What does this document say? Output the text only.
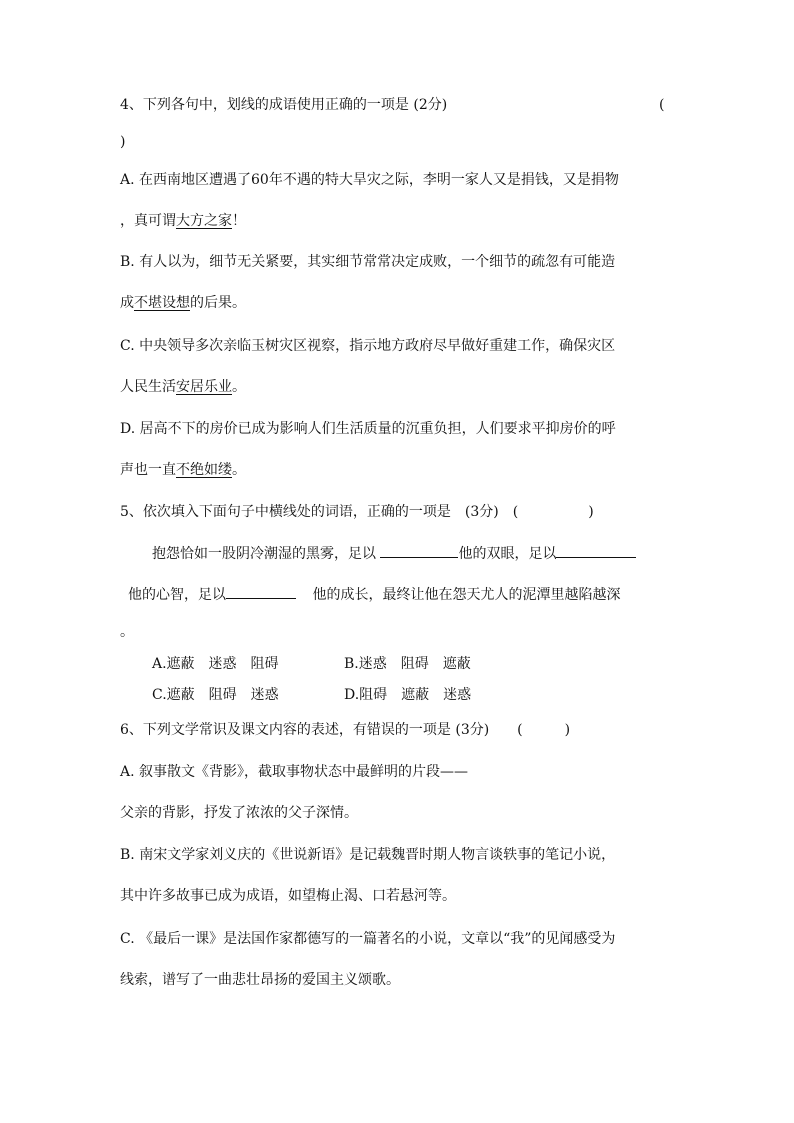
4、下列各句中，划线的成语使用正确的一项是 (2分)	(
)
A. 在西南地区遭遇了60年不遇的特大旱灾之际，李明一家人又是捐钱，又是捐物
，真可谓大方之家！
B. 有人以为，细节无关紧要，其实细节常常决定成败，一个细节的疏忽有可能造
成不堪设想的后果。
C. 中央领导多次亲临玉树灾区视察，指示地方政府尽早做好重建工作，确保灾区
人民生活安居乐业。
D. 居高不下的房价已成为影响人们生活质量的沉重负担，人们要求平抑房价的呼
声也一直不绝如缕。
5、依次填入下面句子中横线处的词语，正确的一项是　(3分)　(　　　　　)
抱怨恰如一股阴冷潮湿的黑雾，足以	他的双眼，足以
他的心智，足以	他的成长，最终让他在怨天尤人的泥潭里越陷越深
。
A.遮蔽　迷惑　阻碍	B.迷惑　阻碍　遮蔽
C.遮蔽　阻碍　迷惑	D.阻碍　遮蔽　迷惑
6、下列文学常识及课文内容的表述，有错误的一项是 (3分)　　(　　　)
A. 叙事散文《背影》，截取事物状态中最鲜明的片段——
父亲的背影，抒发了浓浓的父子深情。
B. 南宋文学家刘义庆的《世说新语》是记载魏晋时期人物言谈轶事的笔记小说，
其中许多故事已成为成语，如望梅止渴、口若悬河等。
C. 《最后一课》是法国作家都德写的一篇著名的小说，文章以“我”的见闻感受为
线索，谱写了一曲悲壮昂扬的爱国主义颂歌。
